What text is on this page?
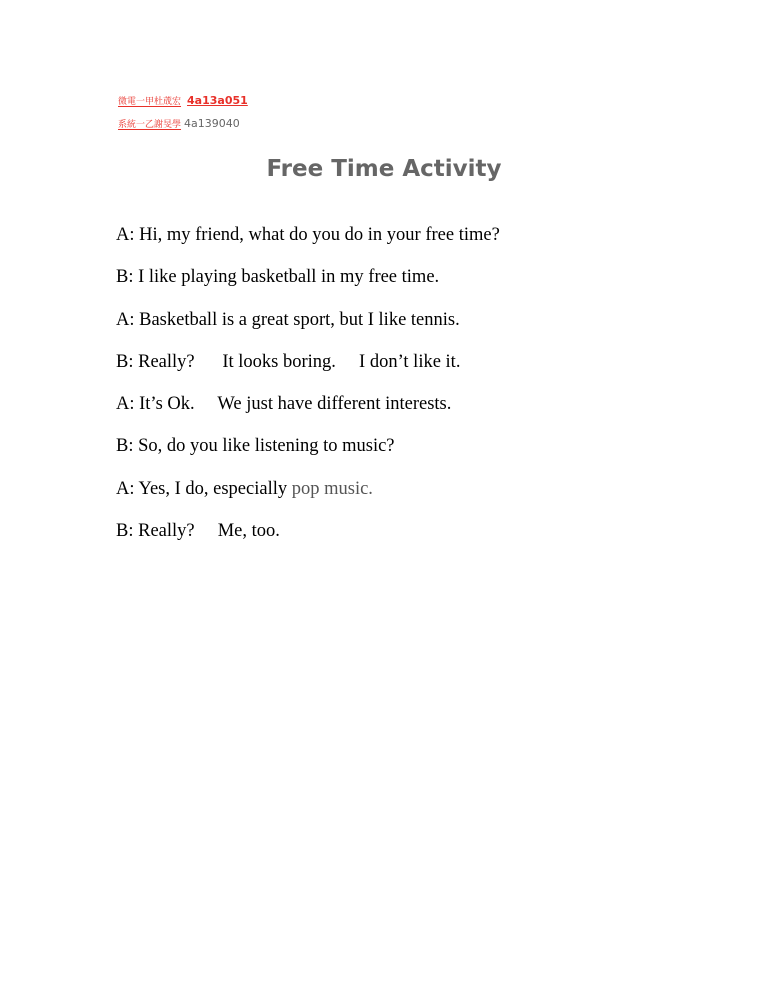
微電一甲杜荿宏 4a13a051
系統一乙謝旻學 4a139040
Free Time Activity
A: Hi, my friend, what do you do in your free time?
B: I like playing basketball in my free time.
A: Basketball is a great sport, but I like tennis.
B: Really?      It looks boring.     I don’t like it.
A: It’s Ok.     We just have different interests.
B: So, do you like listening to music?
A: Yes, I do, especially pop music.
B: Really?     Me, too.
